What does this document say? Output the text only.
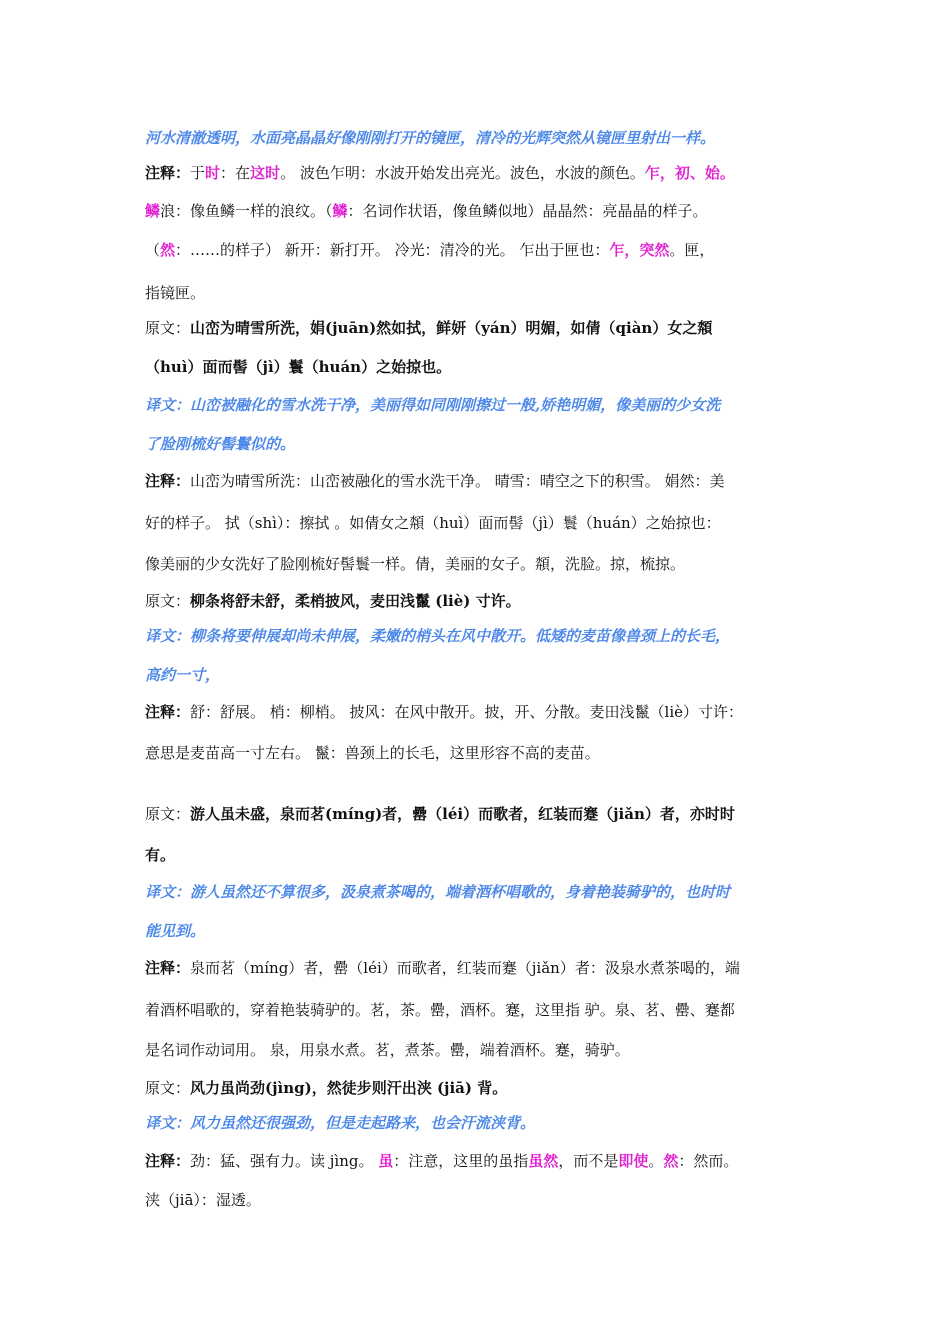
河水清澈透明，水面亮晶晶好像刚刚打开的镜匣，清冷的光辉突然从镜匣里射出一样。
注释：于时：在这时。 波色乍明：水波开始发出亮光。波色，水波的颜色。乍，初、始。
鳞浪：像鱼鳞一样的浪纹。（鳞：名词作状语，像鱼鳞似地）晶晶然：亮晶晶的样子。
（然：……的样子） 新开：新打开。 冷光：清冷的光。 乍出于匣也：乍，突然。匣，
指镜匣。
原文：山峦为晴雪所洗，娟(juān)然如拭，鲜妍（yán）明媚，如倩（qiàn）女之頮
（huì）面而髻（jì）鬟（huán）之始掠也。
译文：山峦被融化的雪水洗干净，美丽得如同刚刚擦过一般,娇艳明媚，像美丽的少女洗
了脸刚梳好髻鬟似的。
注释：山峦为晴雪所洗：山峦被融化的雪水洗干净。 晴雪：晴空之下的积雪。 娟然：美
好的样子。 拭（shì）：擦拭 。如倩女之頮（huì）面而髻（jì）鬟（huán）之始掠也：
像美丽的少女洗好了脸刚梳好髻鬟一样。倩，美丽的女子。頮，洗脸。掠，梳掠。
原文：柳条将舒未舒，柔梢披风，麦田浅鬣 (liè) 寸许。
译文：柳条将要伸展却尚未伸展，柔嫩的梢头在风中散开。低矮的麦苗像兽颈上的长毛，
高约一寸，
注释：舒：舒展。 梢：柳梢。 披风：在风中散开。披，开、分散。麦田浅鬣（liè）寸许：
意思是麦苗高一寸左右。 鬣：兽颈上的长毛，这里形容不高的麦苗。
原文：游人虽未盛，泉而茗(míng)者，罍（léi）而歌者，红装而蹇（jiǎn）者，亦时时
有。
译文：游人虽然还不算很多，汲泉煮茶喝的，端着酒杯唱歌的，身着艳装骑驴的，也时时
能见到。
注释：泉而茗（míng）者，罍（léi）而歌者，红装而蹇（jiǎn）者：汲泉水煮茶喝的，端
着酒杯唱歌的，穿着艳装骑驴的。茗，茶。罍，酒杯。蹇，这里指 驴。泉、茗、罍、蹇都
是名词作动词用。 泉，用泉水煮。茗，煮茶。罍，端着酒杯。蹇，骑驴。
原文：风力虽尚劲(jìng)，然徒步则汗出浃 (jiā) 背。
译文：风力虽然还很强劲，但是走起路来，也会汗流浃背。
注释：劲：猛、强有力。读 jìng。 虽：注意，这里的虽指虽然，而不是即使。然：然而。
浃（jiā）：湿透。
